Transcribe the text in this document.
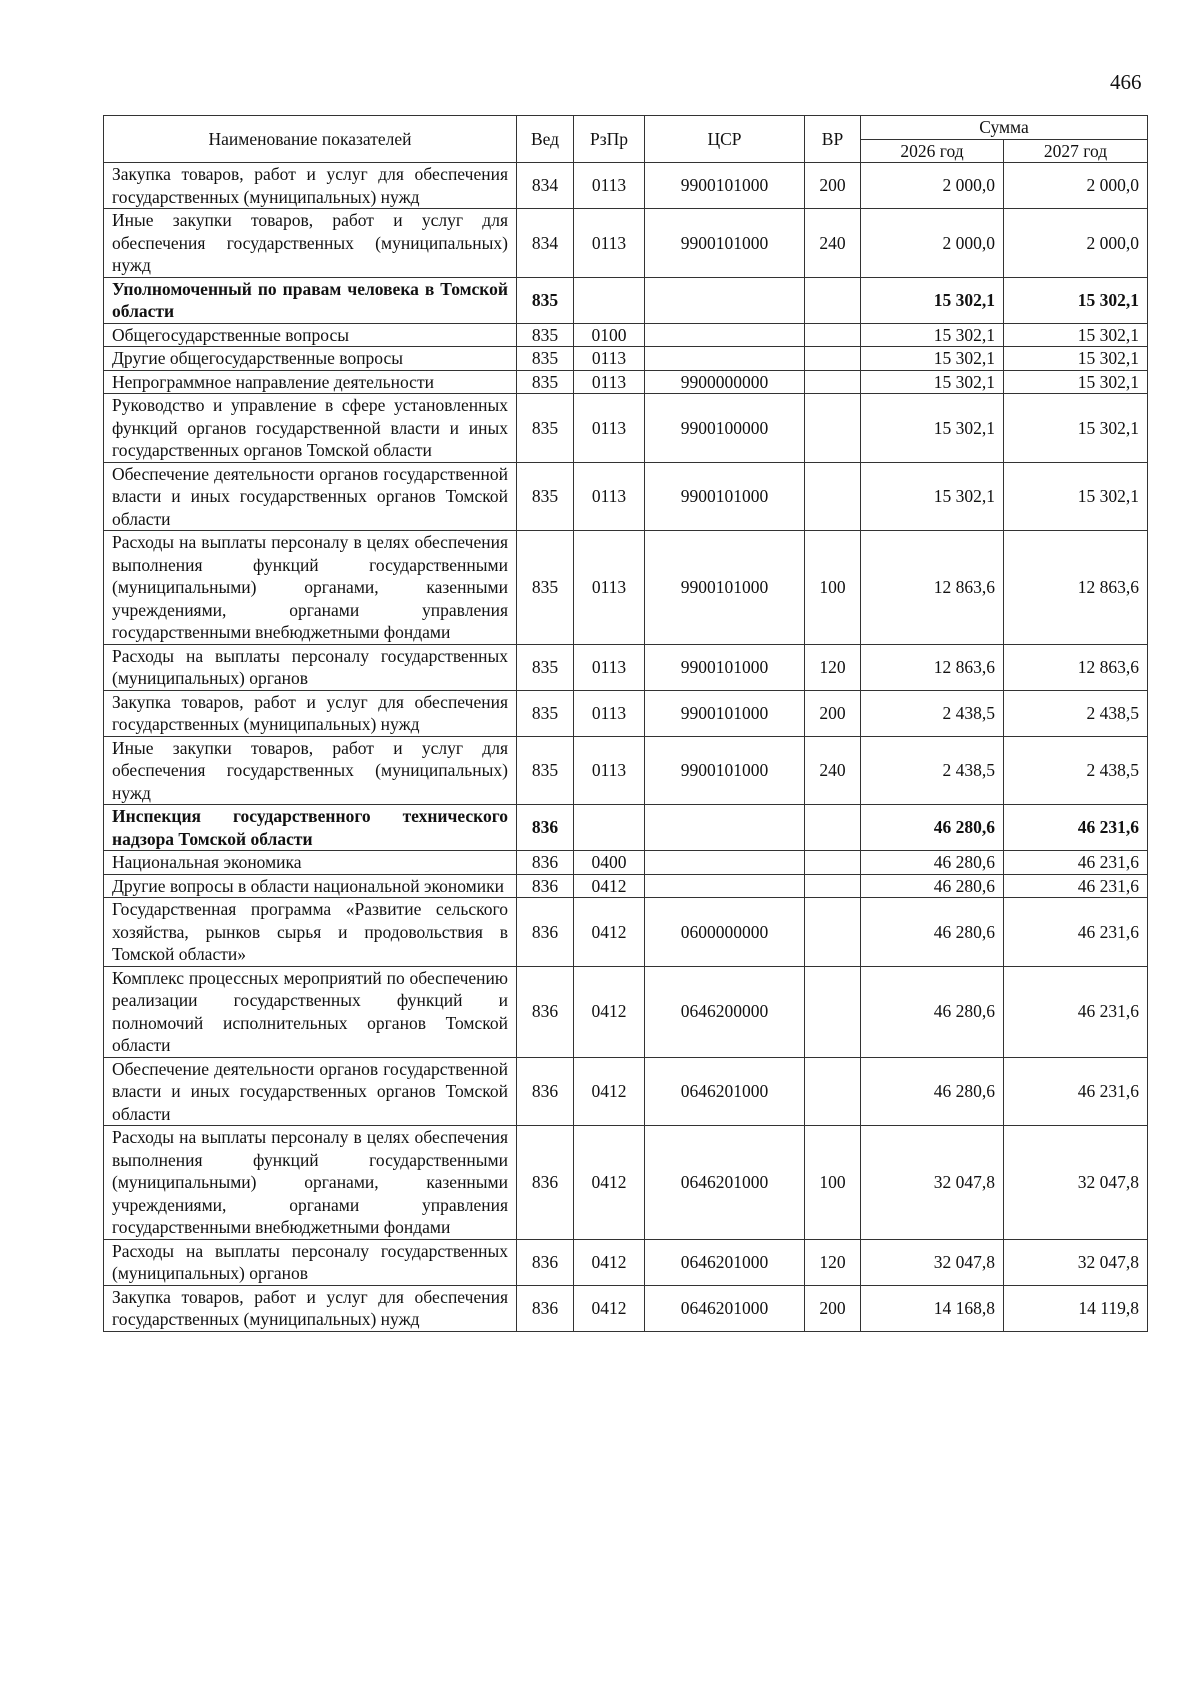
466
Наименование показателей	Вед	РзПр	ЦСР	ВР	Сумма	
					2026 год	2027 год
Закупка товаров, работ и услуг для обеспечения государственных (муниципальных) нужд	834	0113	9900101000	200	2 000,0	2 000,0
Иные закупки товаров, работ и услуг для обеспечения государственных (муниципальных) нужд	834	0113	9900101000	240	2 000,0	2 000,0
Уполномоченный по правам человека в Томской области	835				15 302,1	15 302,1
Общегосударственные вопросы	835	0100			15 302,1	15 302,1
Другие общегосударственные вопросы	835	0113			15 302,1	15 302,1
Непрограммное направление деятельности	835	0113	9900000000		15 302,1	15 302,1
Руководство и управление в сфере установленных функций органов государственной власти и иных государственных органов Томской области	835	0113	9900100000		15 302,1	15 302,1
Обеспечение деятельности органов государственной власти и иных государственных органов Томской области	835	0113	9900101000		15 302,1	15 302,1
Расходы на выплаты персоналу в целях обеспечения выполнения функций государственными (муниципальными) органами, казенными учреждениями, органами управления государственными внебюджетными фондами	835	0113	9900101000	100	12 863,6	12 863,6
Расходы на выплаты персоналу государственных (муниципальных) органов	835	0113	9900101000	120	12 863,6	12 863,6
Закупка товаров, работ и услуг для обеспечения государственных (муниципальных) нужд	835	0113	9900101000	200	2 438,5	2 438,5
Иные закупки товаров, работ и услуг для обеспечения государственных (муниципальных) нужд	835	0113	9900101000	240	2 438,5	2 438,5
Инспекция государственного технического надзора Томской области	836				46 280,6	46 231,6
Национальная экономика	836	0400			46 280,6	46 231,6
Другие вопросы в области национальной экономики	836	0412			46 280,6	46 231,6
Государственная программа «Развитие сельского хозяйства, рынков сырья и продовольствия в Томской области»	836	0412	0600000000		46 280,6	46 231,6
Комплекс процессных мероприятий по обеспечению реализации государственных функций и полномочий исполнительных органов Томской области	836	0412	0646200000		46 280,6	46 231,6
Обеспечение деятельности органов государственной власти и иных государственных органов Томской области	836	0412	0646201000		46 280,6	46 231,6
Расходы на выплаты персоналу в целях обеспечения выполнения функций государственными (муниципальными) органами, казенными учреждениями, органами управления государственными внебюджетными фондами	836	0412	0646201000	100	32 047,8	32 047,8
Расходы на выплаты персоналу государственных (муниципальных) органов	836	0412	0646201000	120	32 047,8	32 047,8
Закупка товаров, работ и услуг для обеспечения государственных (муниципальных) нужд	836	0412	0646201000	200	14 168,8	14 119,8
